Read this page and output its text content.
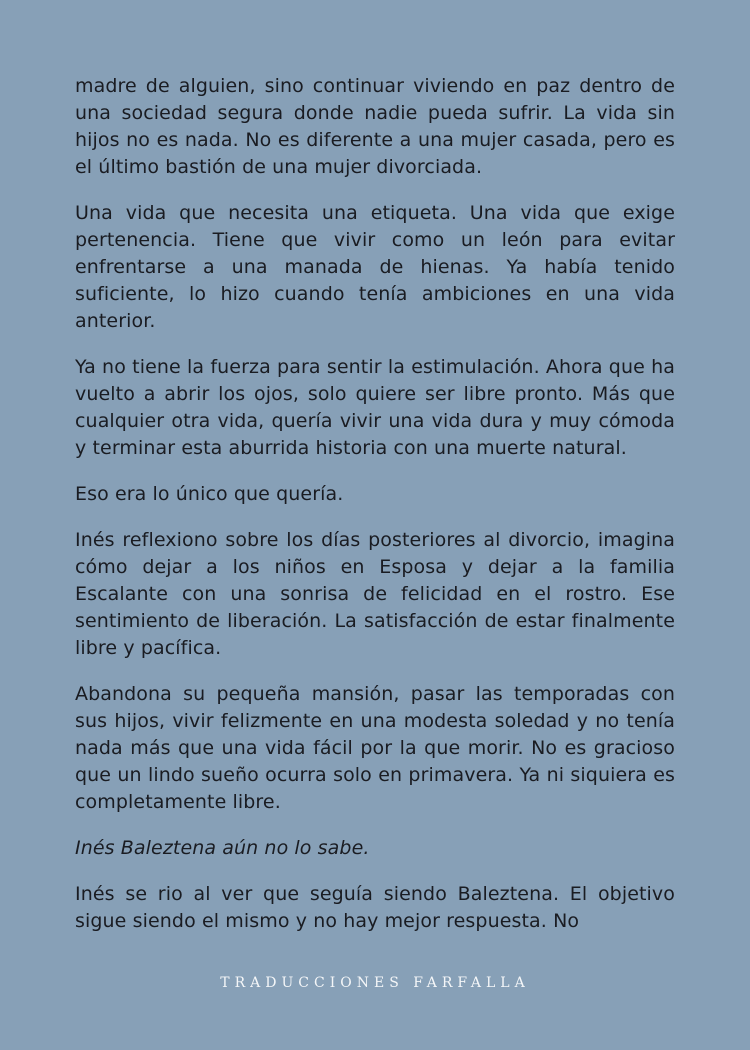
madre de alguien, sino continuar viviendo en paz dentro de una sociedad segura donde nadie pueda sufrir. La vida sin hijos no es nada. No es diferente a una mujer casada, pero es el último bastión de una mujer divorciada.

Una vida que necesita una etiqueta. Una vida que exige pertenencia. Tiene que vivir como un león para evitar enfrentarse a una manada de hienas. Ya había tenido suficiente, lo hizo cuando tenía ambiciones en una vida anterior.

Ya no tiene la fuerza para sentir la estimulación. Ahora que ha vuelto a abrir los ojos, solo quiere ser libre pronto. Más que cualquier otra vida, quería vivir una vida dura y muy cómoda y terminar esta aburrida historia con una muerte natural.

Eso era lo único que quería.

Inés reflexiono sobre los días posteriores al divorcio, imagina cómo dejar a los niños en Esposa y dejar a la familia Escalante con una sonrisa de felicidad en el rostro. Ese sentimiento de liberación. La satisfacción de estar finalmente libre y pacífica.

Abandona su pequeña mansión, pasar las temporadas con sus hijos, vivir felizmente en una modesta soledad y no tenía nada más que una vida fácil por la que morir. No es gracioso que un lindo sueño ocurra solo en primavera. Ya ni siquiera es completamente libre.

Inés Baleztena aún no lo sabe.

Inés se rio al ver que seguía siendo Baleztena. El objetivo sigue siendo el mismo y no hay mejor respuesta. No

TRADUCCIONES FARFALLA
